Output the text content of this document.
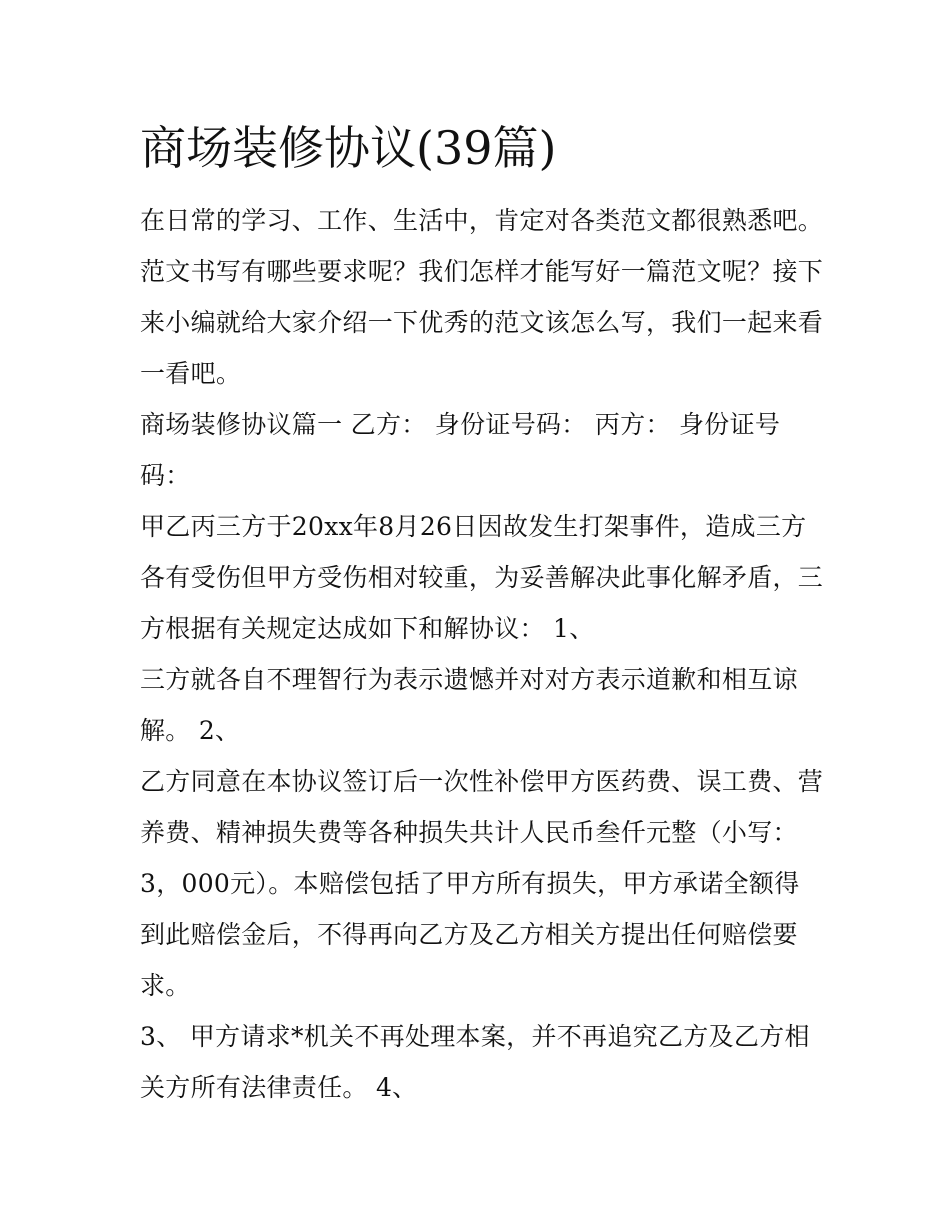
商场装修协议(39篇)
在日常的学习、工作、生活中，肯定对各类范文都很熟悉吧。
范文书写有哪些要求呢？我们怎样才能写好一篇范文呢？接下
来小编就给大家介绍一下优秀的范文该怎么写，我们一起来看
一看吧。
商场装修协议篇一 乙方： 身份证号码： 丙方： 身份证号
码：
甲乙丙三方于20xx年8月26日因故发生打架事件，造成三方
各有受伤但甲方受伤相对较重，为妥善解决此事化解矛盾，三
方根据有关规定达成如下和解协议： 1、
三方就各自不理智行为表示遗憾并对对方表示道歉和相互谅
解。 2、
乙方同意在本协议签订后一次性补偿甲方医药费、误工费、营
养费、精神损失费等各种损失共计人民币叁仟元整（小写：
3，000元）。本赔偿包括了甲方所有损失，甲方承诺全额得
到此赔偿金后，不得再向乙方及乙方相关方提出任何赔偿要
求。
3、 甲方请求*机关不再处理本案，并不再追究乙方及乙方相
关方所有法律责任。 4、
